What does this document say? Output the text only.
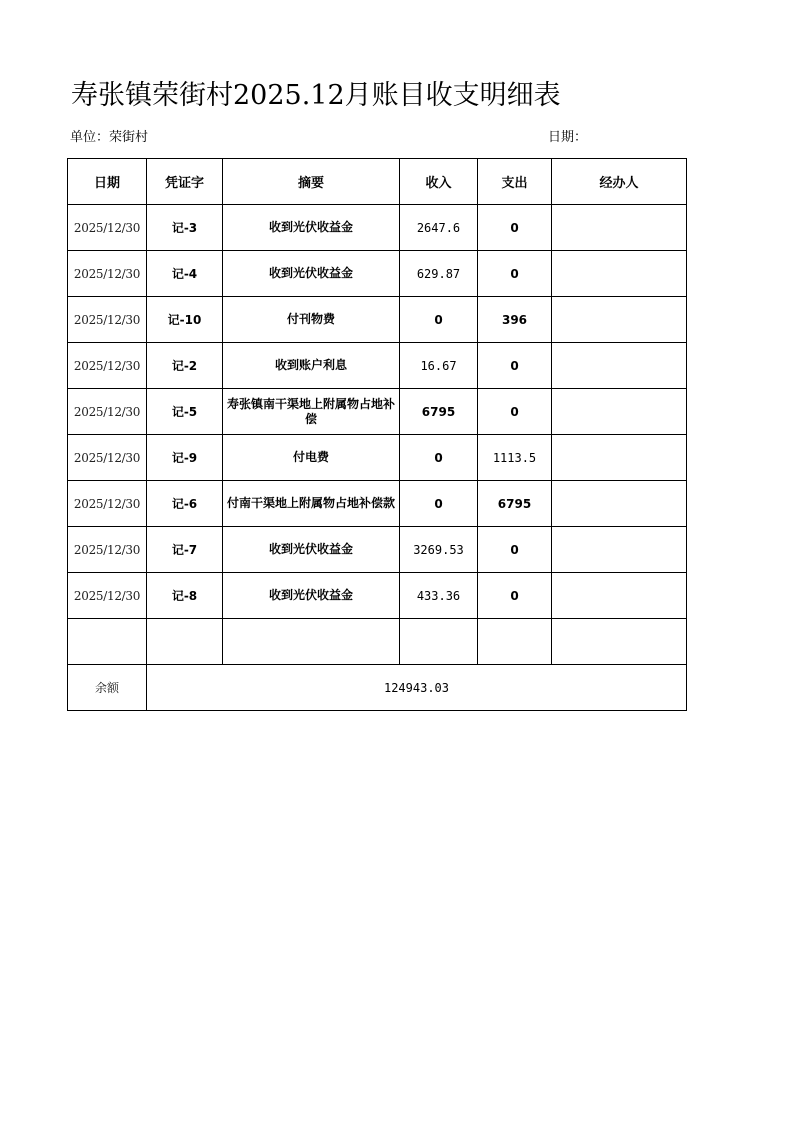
寿张镇荣街村2025.12月账目收支明细表
单位：荣街村	日期：
日期	凭证字	摘要	收入	支出	经办人
2025/12/30	记-3	收到光伏收益金	2647.6	0	
2025/12/30	记-4	收到光伏收益金	629.87	0	
2025/12/30	记-10	付刊物费	0	396	
2025/12/30	记-2	收到账户利息	16.67	0	
2025/12/30	记-5	寿张镇南干渠地上附属物占地补偿	6795	0	
2025/12/30	记-9	付电费	0	1113.5	
2025/12/30	记-6	付南干渠地上附属物占地补偿款	0	6795	
2025/12/30	记-7	收到光伏收益金	3269.53	0	
2025/12/30	记-8	收到光伏收益金	433.36	0	

余额	124943.03				
